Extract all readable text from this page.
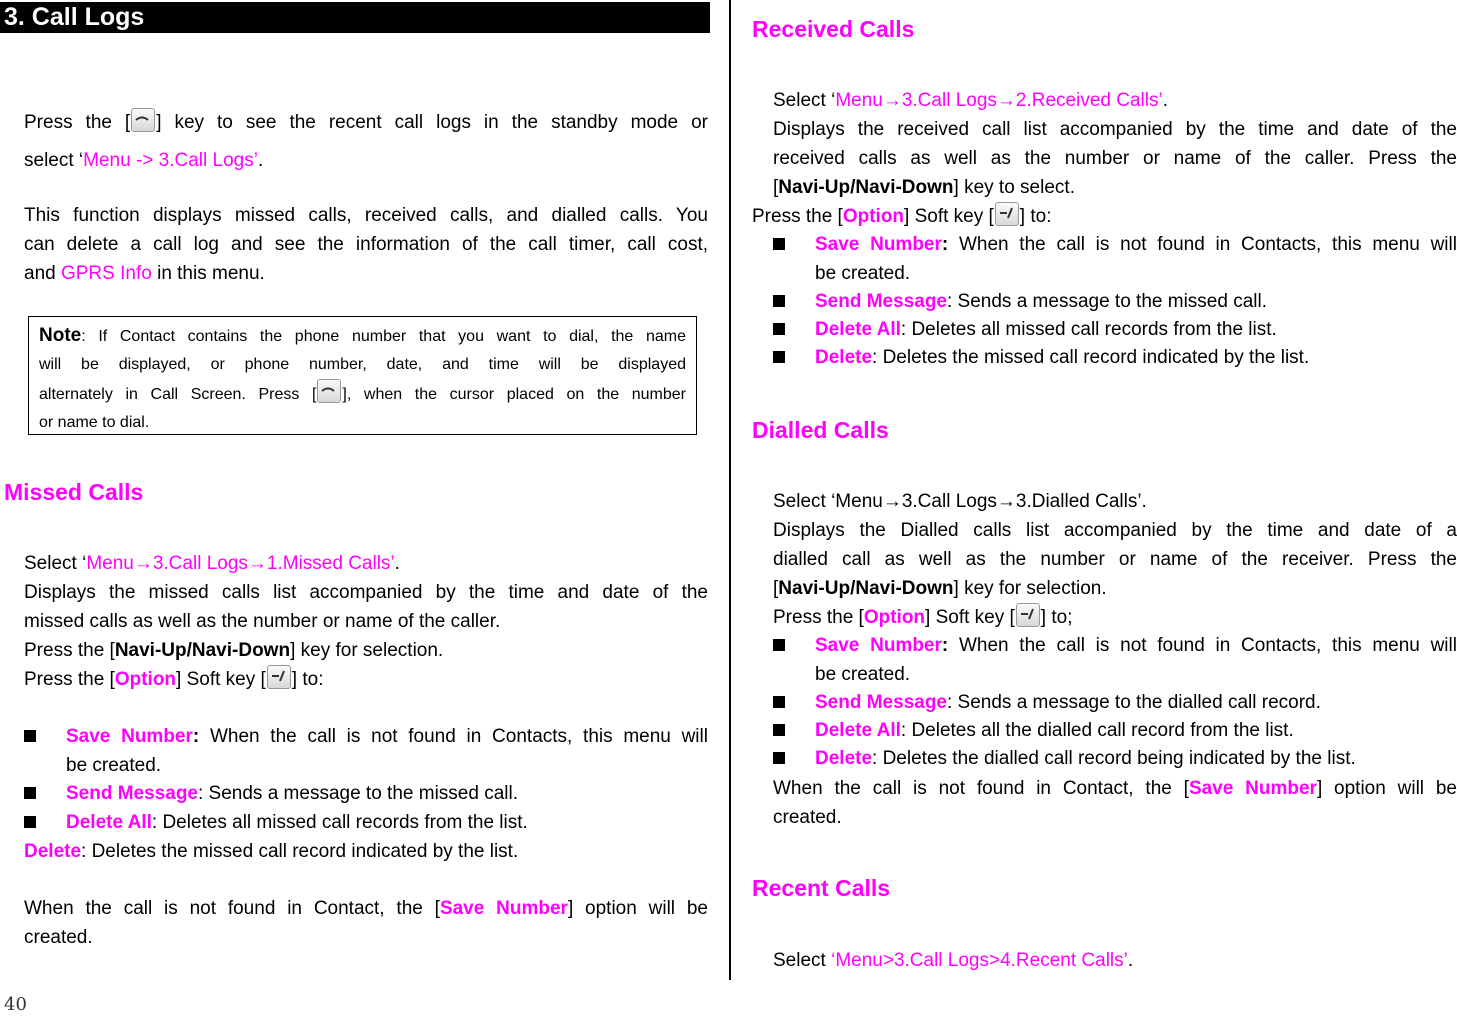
3. Call Logs
Press the [ ] key to see the recent call logs in the standby mode or
select ‘Menu -> 3.Call Logs’.
This function displays missed calls, received calls, and dialled calls. You
can delete a call log and see the information of the call timer, call cost,
and GPRS Info in this menu.
Note: If Contact contains the phone number that you want to dial, the name
will be displayed, or phone number, date, and time will be displayed
alternately in Call Screen. Press [ ], when the cursor placed on the number
or name to dial.
Missed Calls
Select ‘Menu→3.Call Logs→1.Missed Calls’.
Displays the missed calls list accompanied by the time and date of the
missed calls as well as the number or name of the caller.
Press the [Navi-Up/Navi-Down] key for selection.
Press the [Option] Soft key [ ] to:
Save Number: When the call is not found in Contacts, this menu will
be created.
Send Message: Sends a message to the missed call.
Delete All: Deletes all missed call records from the list.
Delete: Deletes the missed call record indicated by the list.
When the call is not found in Contact, the [Save Number] option will be
created.
40
Received Calls
Select ‘Menu→3.Call Logs→2.Received Calls’.
Displays the received call list accompanied by the time and date of the
received calls as well as the number or name of the caller. Press the
[Navi-Up/Navi-Down] key to select.
Press the [Option] Soft key [ ] to:
Save Number: When the call is not found in Contacts, this menu will
be created.
Send Message: Sends a message to the missed call.
Delete All: Deletes all missed call records from the list.
Delete: Deletes the missed call record indicated by the list.
Dialled Calls
Select ‘Menu→3.Call Logs→3.Dialled Calls’.
Displays the Dialled calls list accompanied by the time and date of a
dialled call as well as the number or name of the receiver. Press the
[Navi-Up/Navi-Down] key for selection.
Press the [Option] Soft key [ ] to;
Save Number: When the call is not found in Contacts, this menu will
be created.
Send Message: Sends a message to the dialled call record.
Delete All: Deletes all the dialled call record from the list.
Delete: Deletes the dialled call record being indicated by the list.
When the call is not found in Contact, the [Save Number] option will be
created.
Recent Calls
Select ‘Menu>3.Call Logs>4.Recent Calls’.
